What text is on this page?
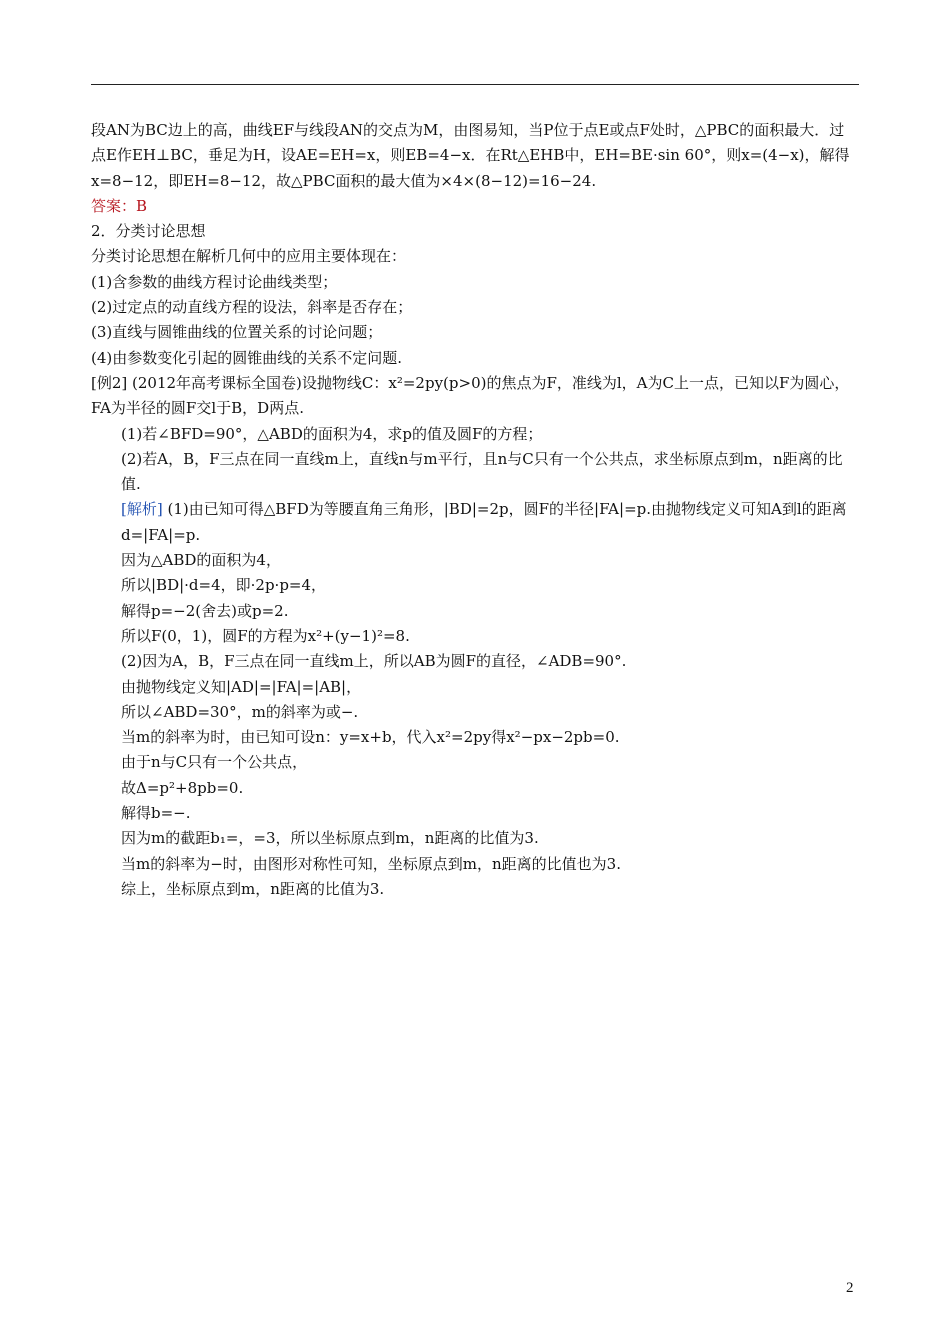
段AN为BC边上的高，曲线EF与线段AN的交点为M，由图易知，当P位于点E或点F处时，△PBC的面积最大．过点E作EH⊥BC，垂足为H，设AE=EH=x，则EB=4−x．在Rt△EHB中，EH=BE·sin 60°，则x=(4−x)，解得x=8−12，即EH=8−12，故△PBC面积的最大值为×4×(8−12)=16−24.

答案：B

2．分类讨论思想

分类讨论思想在解析几何中的应用主要体现在：

(1)含参数的曲线方程讨论曲线类型；

(2)过定点的动直线方程的设法，斜率是否存在；

(3)直线与圆锥曲线的位置关系的讨论问题；

(4)由参数变化引起的圆锥曲线的关系不定问题.

[例2] (2012年高考课标全国卷)设抛物线C：x²=2py(p>0)的焦点为F，准线为l，A为C上一点，已知以F为圆心，FA为半径的圆F交l于B，D两点.

(1)若∠BFD=90°，△ABD的面积为4，求p的值及圆F的方程；

(2)若A，B，F三点在同一直线m上，直线n与m平行，且n与C只有一个公共点，求坐标原点到m，n距离的比值.

[解析] (1)由已知可得△BFD为等腰直角三角形，|BD|=2p，圆F的半径|FA|=p.由抛物线定义可知A到l的距离d=|FA|=p.

因为△ABD的面积为4，

所以|BD|·d=4，即·2p·p=4，

解得p=−2(舍去)或p=2.

所以F(0，1)，圆F的方程为x²+(y−1)²=8.

(2)因为A，B，F三点在同一直线m上，所以AB为圆F的直径，∠ADB=90°.

由抛物线定义知|AD|=|FA|=|AB|，

所以∠ABD=30°，m的斜率为或−.

当m的斜率为时，由已知可设n：y=x+b，代入x²=2py得x²−px−2pb=0.

由于n与C只有一个公共点，

故Δ=p²+8pb=0.

解得b=−.

因为m的截距b₁=，=3，所以坐标原点到m，n距离的比值为3.

当m的斜率为−时，由图形对称性可知，坐标原点到m，n距离的比值也为3.

综上，坐标原点到m，n距离的比值为3.

2
